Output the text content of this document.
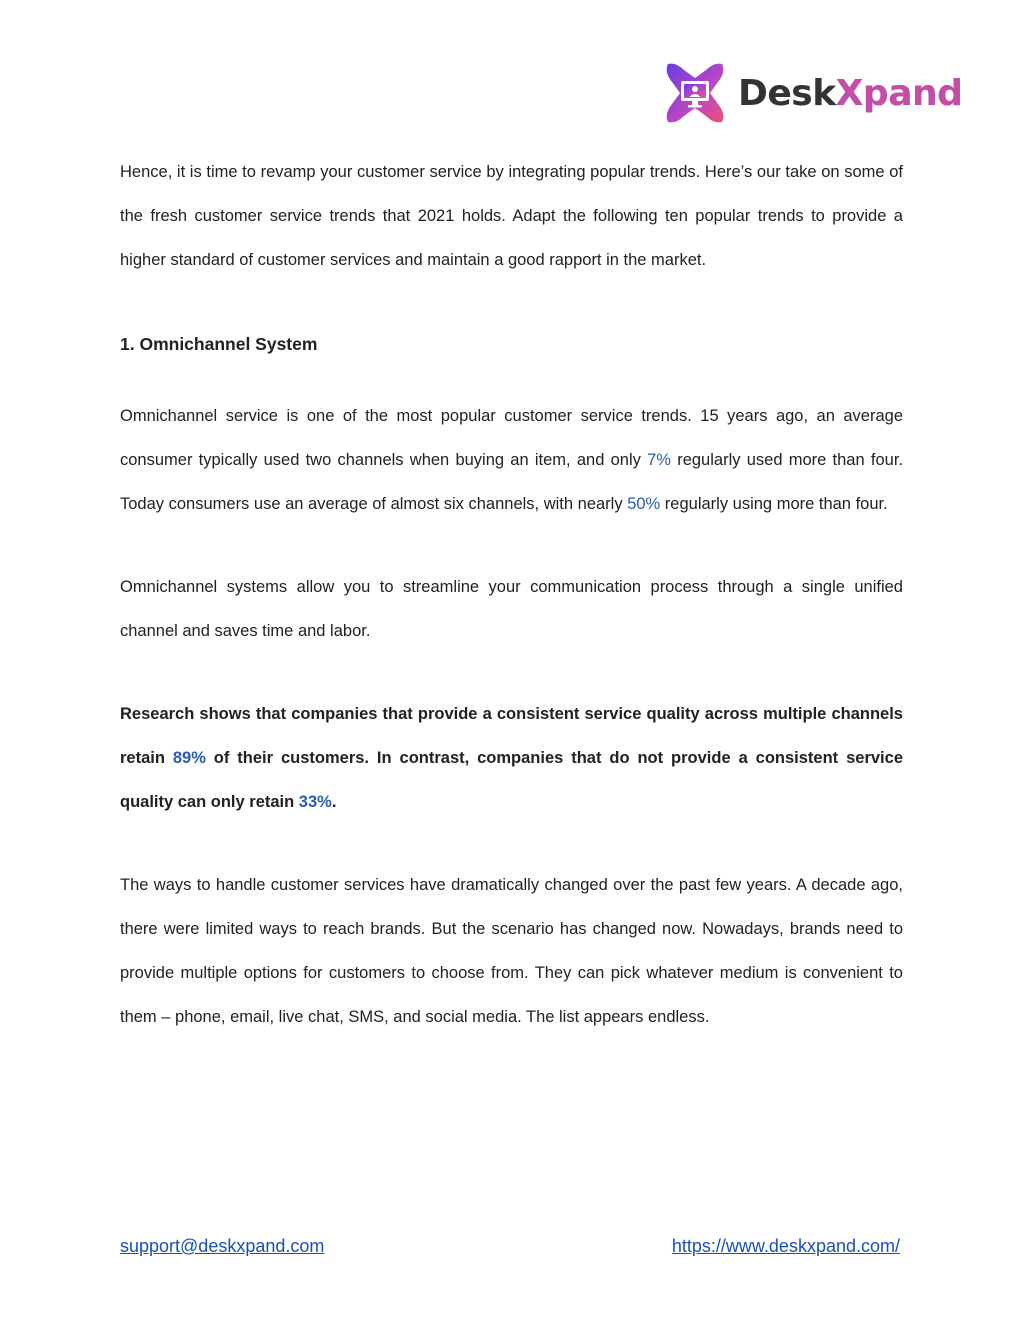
DeskXpand

Hence, it is time to revamp your customer service by integrating popular trends. Here’s our take on some of the fresh customer service trends that 2021 holds. Adapt the following ten popular trends to provide a higher standard of customer services and maintain a good rapport in the market.

1. Omnichannel System

Omnichannel service is one of the most popular customer service trends. 15 years ago, an average consumer typically used two channels when buying an item, and only 7% regularly used more than four. Today consumers use an average of almost six channels, with nearly 50% regularly using more than four.

Omnichannel systems allow you to streamline your communication process through a single unified channel and saves time and labor.

Research shows that companies that provide a consistent service quality across multiple channels retain 89% of their customers. In contrast, companies that do not provide a consistent service quality can only retain 33%.

The ways to handle customer services have dramatically changed over the past few years. A decade ago, there were limited ways to reach brands. But the scenario has changed now. Nowadays, brands need to provide multiple options for customers to choose from. They can pick whatever medium is convenient to them – phone, email, live chat, SMS, and social media. The list appears endless.

support@deskxpand.com	https://www.deskxpand.com/
